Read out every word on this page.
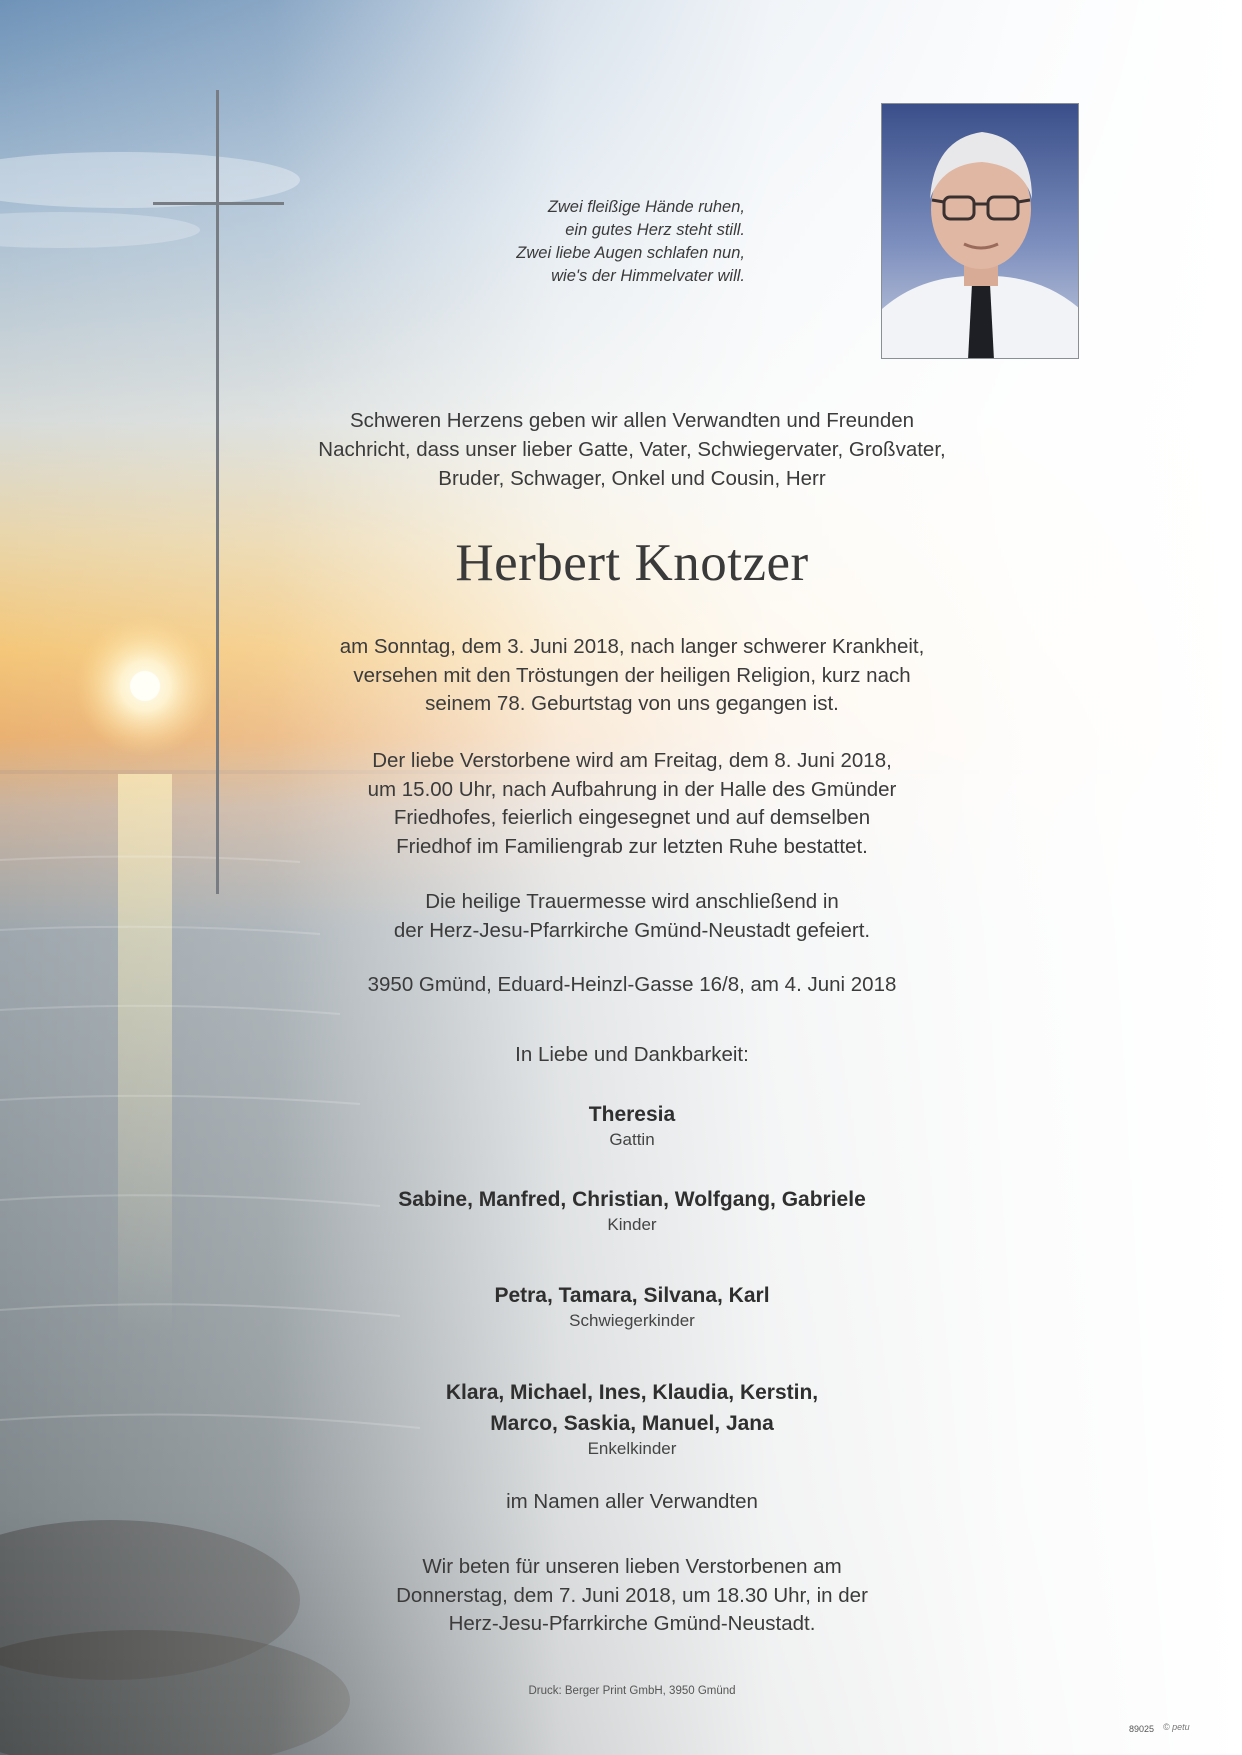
Zwei fleißige Hände ruhen,
ein gutes Herz steht still.
Zwei liebe Augen schlafen nun,
wie's der Himmelvater will.
Schweren Herzens geben wir allen Verwandten und Freunden
Nachricht, dass unser lieber Gatte, Vater, Schwiegervater, Großvater,
Bruder, Schwager, Onkel und Cousin, Herr
Herbert Knotzer
am Sonntag, dem 3. Juni 2018, nach langer schwerer Krankheit,
versehen mit den Tröstungen der heiligen Religion, kurz nach
seinem 78. Geburtstag von uns gegangen ist.
Der liebe Verstorbene wird am Freitag, dem 8. Juni 2018,
um 15.00 Uhr, nach Aufbahrung in der Halle des Gmünder
Friedhofes, feierlich eingesegnet und auf demselben
Friedhof im Familiengrab zur letzten Ruhe bestattet.
Die heilige Trauermesse wird anschließend in
der Herz-Jesu-Pfarrkirche Gmünd-Neustadt gefeiert.
3950 Gmünd, Eduard-Heinzl-Gasse 16/8, am 4. Juni 2018
In Liebe und Dankbarkeit:
Theresia
Gattin
Sabine, Manfred, Christian, Wolfgang, Gabriele
Kinder
Petra, Tamara, Silvana, Karl
Schwiegerkinder
Klara, Michael, Ines, Klaudia, Kerstin,
Marco, Saskia, Manuel, Jana
Enkelkinder
im Namen aller Verwandten
Wir beten für unseren lieben Verstorbenen am
Donnerstag, dem 7. Juni 2018, um 18.30 Uhr, in der
Herz-Jesu-Pfarrkirche Gmünd-Neustadt.
Druck: Berger Print GmbH, 3950 Gmünd
89025 © petu
